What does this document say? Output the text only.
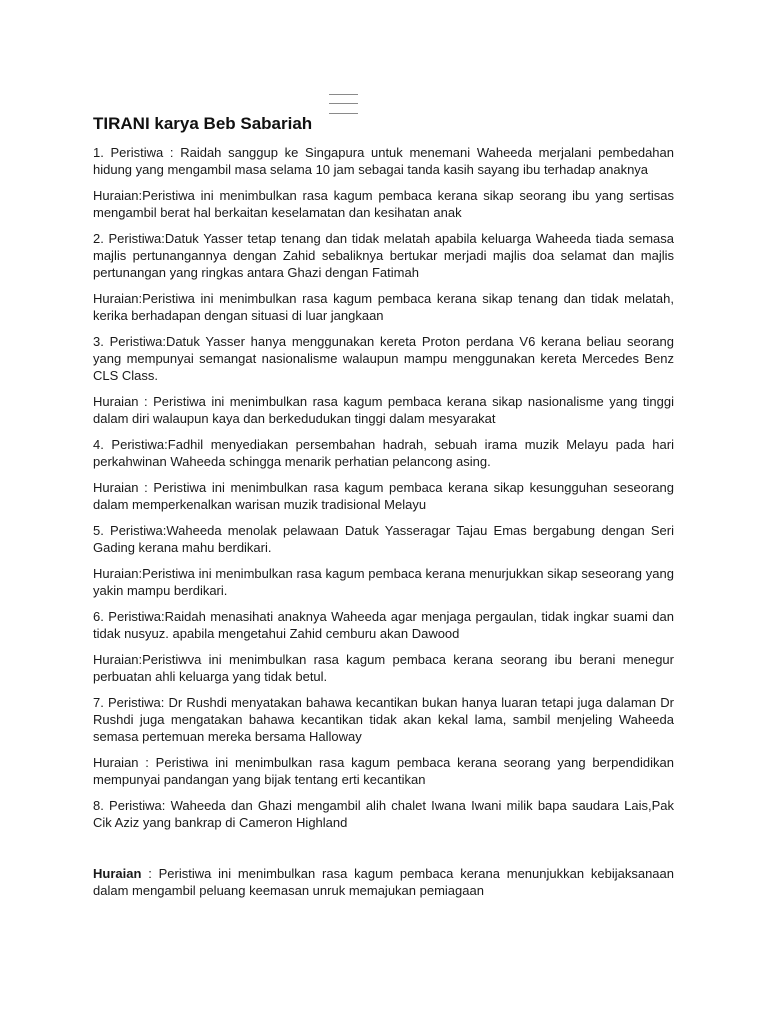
TIRANI karya Beb Sabariah

1. Peristiwa : Raidah sanggup ke Singapura untuk menemani Waheeda merjalani pembedahan hidung yang mengambil masa selama 10 jam sebagai tanda kasih sayang ibu terhadap anaknya

Huraian:Peristiwa ini menimbulkan rasa kagum pembaca kerana sikap seorang ibu yang sertisas mengambil berat hal berkaitan keselamatan dan kesihatan anak

2. Peristiwa:Datuk Yasser tetap tenang dan tidak melatah apabila keluarga Waheeda tiada semasa majlis pertunangannya dengan Zahid sebaliknya bertukar merjadi majlis doa selamat dan majlis pertunangan yang ringkas antara Ghazi dengan Fatimah

Huraian:Peristiwa ini menimbulkan rasa kagum pembaca kerana sikap tenang dan tidak melatah, kerika berhadapan dengan situasi di luar jangkaan

3. Peristiwa:Datuk Yasser hanya menggunakan kereta Proton perdana V6 kerana beliau seorang yang mempunyai semangat nasionalisme walaupun mampu menggunakan kereta Mercedes Benz CLS Class.

Huraian : Peristiwa ini menimbulkan rasa kagum pembaca kerana sikap nasionalisme yang tinggi dalam diri walaupun kaya dan berkedudukan tinggi dalam mesyarakat

4. Peristiwa:Fadhil menyediakan persembahan hadrah, sebuah irama muzik Melayu pada hari perkahwinan Waheeda schingga menarik perhatian pelancong asing.

Huraian : Peristiwa ini menimbulkan rasa kagum pembaca kerana sikap kesungguhan seseorang dalam memperkenalkan warisan muzik tradisional Melayu

5. Peristiwa:Waheeda menolak pelawaan Datuk Yasseragar Tajau Emas bergabung dengan Seri Gading kerana mahu berdikari.

Huraian:Peristiwa ini menimbulkan rasa kagum pembaca kerana menurjukkan sikap seseorang yang yakin mampu berdikari.

6. Peristiwa:Raidah menasihati anaknya Waheeda agar menjaga pergaulan, tidak ingkar suami dan tidak nusyuz. apabila mengetahui Zahid cemburu akan Dawood

Huraian:Peristiwva ini menimbulkan rasa kagum pembaca kerana seorang ibu berani menegur perbuatan ahli keluarga yang tidak betul.

7. Peristiwa: Dr Rushdi menyatakan bahawa kecantikan bukan hanya luaran tetapi juga dalaman Dr Rushdi juga mengatakan bahawa kecantikan tidak akan kekal lama, sambil menjeling Waheeda semasa pertemuan mereka bersama Halloway

Huraian : Peristiwa ini menimbulkan rasa kagum pembaca kerana seorang yang berpendidikan mempunyai pandangan yang bijak tentang erti kecantikan

8. Peristiwa: Waheeda dan Ghazi mengambil alih chalet Iwana Iwani milik bapa saudara Lais,Pak Cik Aziz yang bankrap di Cameron Highland

Huraian : Peristiwa ini menimbulkan rasa kagum pembaca kerana menunjukkan kebijaksanaan dalam mengambil peluang keemasan unruk memajukan pemiagaan
